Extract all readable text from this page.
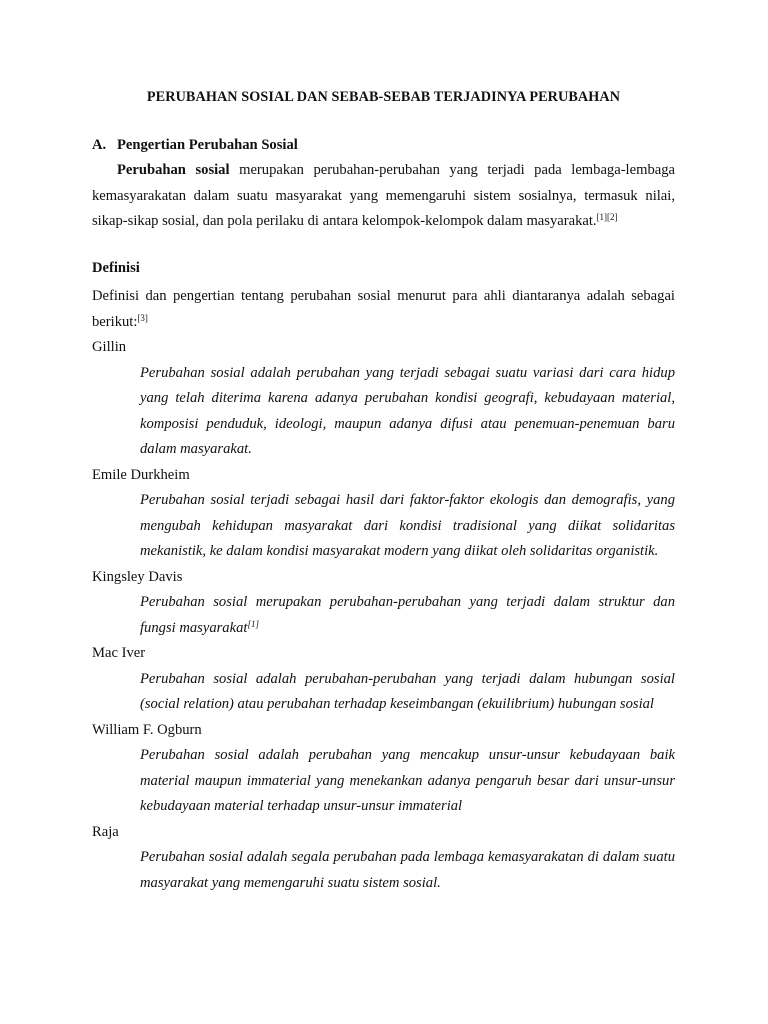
PERUBAHAN SOSIAL DAN SEBAB-SEBAB TERJADINYA PERUBAHAN
A. Pengertian Perubahan Sosial
Perubahan sosial merupakan perubahan-perubahan yang terjadi pada lembaga-lembaga kemasyarakatan dalam suatu masyarakat yang memengaruhi sistem sosialnya, termasuk nilai, sikap-sikap sosial, dan pola perilaku di antara kelompok-kelompok dalam masyarakat.[1][2]
Definisi
Definisi dan pengertian tentang perubahan sosial menurut para ahli diantaranya adalah sebagai berikut:[3]
Gillin
Perubahan sosial adalah perubahan yang terjadi sebagai suatu variasi dari cara hidup yang telah diterima karena adanya perubahan kondisi geografi, kebudayaan material, komposisi penduduk, ideologi, maupun adanya difusi atau penemuan-penemuan baru dalam masyarakat.
Emile Durkheim
Perubahan sosial terjadi sebagai hasil dari faktor-faktor ekologis dan demografis, yang mengubah kehidupan masyarakat dari kondisi tradisional yang diikat solidaritas mekanistik, ke dalam kondisi masyarakat modern yang diikat oleh solidaritas organistik.
Kingsley Davis
Perubahan sosial merupakan perubahan-perubahan yang terjadi dalam struktur dan fungsi masyarakat[1]
Mac Iver
Perubahan sosial adalah perubahan-perubahan yang terjadi dalam hubungan sosial (social relation) atau perubahan terhadap keseimbangan (ekuilibrium) hubungan sosial
William F. Ogburn
Perubahan sosial adalah perubahan yang mencakup unsur-unsur kebudayaan baik material maupun immaterial yang menekankan adanya pengaruh besar dari unsur-unsur kebudayaan material terhadap unsur-unsur immaterial
Raja
Perubahan sosial adalah segala perubahan pada lembaga kemasyarakatan di dalam suatu masyarakat yang memengaruhi suatu sistem sosial.
